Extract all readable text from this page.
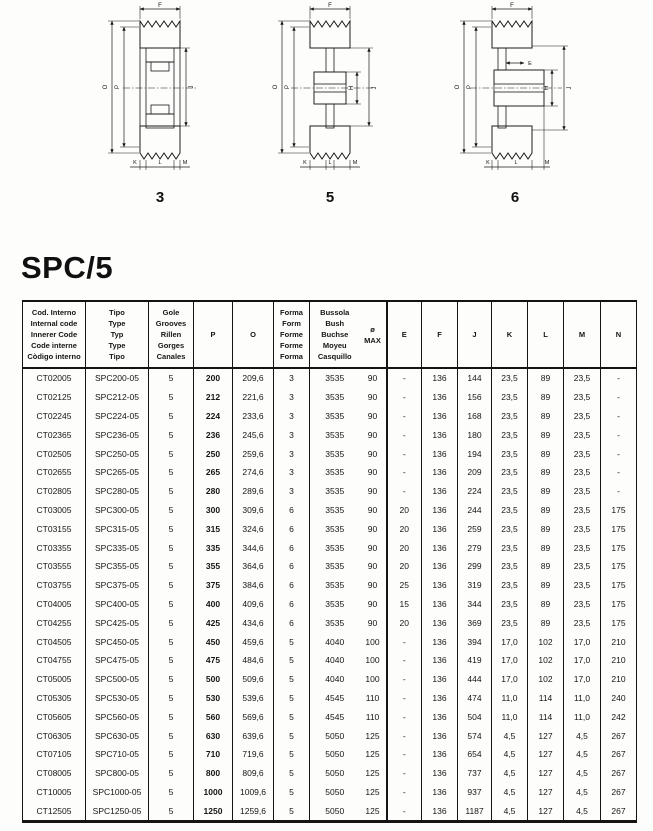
F
O P	J
K	L	M
3
F
O P	H	J
K	L	M
5
F
E
O P	H	J
K	L	M
6
SPC/5
Cod. Interno
Internal code
Innerer Code
Code interne
Còdigo interno

Tipo
Type
Typ
Type
Tipo

Gole
Grooves
Rillen
Gorges
Canales

P	O

Forma
Form
Forme
Forme
Forma

Bussola
Bush
Buchse
Moyeu
Casquillo

ø
MAX

E	F	J	K	L	M	N

CT02005	SPC200-05	5	200	209,6	3	3535	90	-	136	144	23,5	89	23,5	-
CT02125	SPC212-05	5	212	221,6	3	3535	90	-	136	156	23,5	89	23,5	-
CT02245	SPC224-05	5	224	233,6	3	3535	90	-	136	168	23,5	89	23,5	-
CT02365	SPC236-05	5	236	245,6	3	3535	90	-	136	180	23,5	89	23,5	-
CT02505	SPC250-05	5	250	259,6	3	3535	90	-	136	194	23,5	89	23,5	-
CT02655	SPC265-05	5	265	274,6	3	3535	90	-	136	209	23,5	89	23,5	-
CT02805	SPC280-05	5	280	289,6	3	3535	90	-	136	224	23,5	89	23,5	-
CT03005	SPC300-05	5	300	309,6	6	3535	90	20	136	244	23,5	89	23,5	175
CT03155	SPC315-05	5	315	324,6	6	3535	90	20	136	259	23,5	89	23,5	175
CT03355	SPC335-05	5	335	344,6	6	3535	90	20	136	279	23,5	89	23,5	175
CT03555	SPC355-05	5	355	364,6	6	3535	90	20	136	299	23,5	89	23,5	175
CT03755	SPC375-05	5	375	384,6	6	3535	90	25	136	319	23,5	89	23,5	175
CT04005	SPC400-05	5	400	409,6	6	3535	90	15	136	344	23,5	89	23,5	175
CT04255	SPC425-05	5	425	434,6	6	3535	90	20	136	369	23,5	89	23,5	175
CT04505	SPC450-05	5	450	459,6	5	4040	100	-	136	394	17,0	102	17,0	210
CT04755	SPC475-05	5	475	484,6	5	4040	100	-	136	419	17,0	102	17,0	210
CT05005	SPC500-05	5	500	509,6	5	4040	100	-	136	444	17,0	102	17,0	210
CT05305	SPC530-05	5	530	539,6	5	4545	110	-	136	474	11,0	114	11,0	240
CT05605	SPC560-05	5	560	569,6	5	4545	110	-	136	504	11,0	114	11,0	242
CT06305	SPC630-05	5	630	639,6	5	5050	125	-	136	574	4,5	127	4,5	267
CT07105	SPC710-05	5	710	719,6	5	5050	125	-	136	654	4,5	127	4,5	267
CT08005	SPC800-05	5	800	809,6	5	5050	125	-	136	737	4,5	127	4,5	267
CT10005	SPC1000-05	5	1000	1009,6	5	5050	125	-	136	937	4,5	127	4,5	267
CT12505	SPC1250-05	5	1250	1259,6	5	5050	125	-	136	1187	4,5	127	4,5	267
